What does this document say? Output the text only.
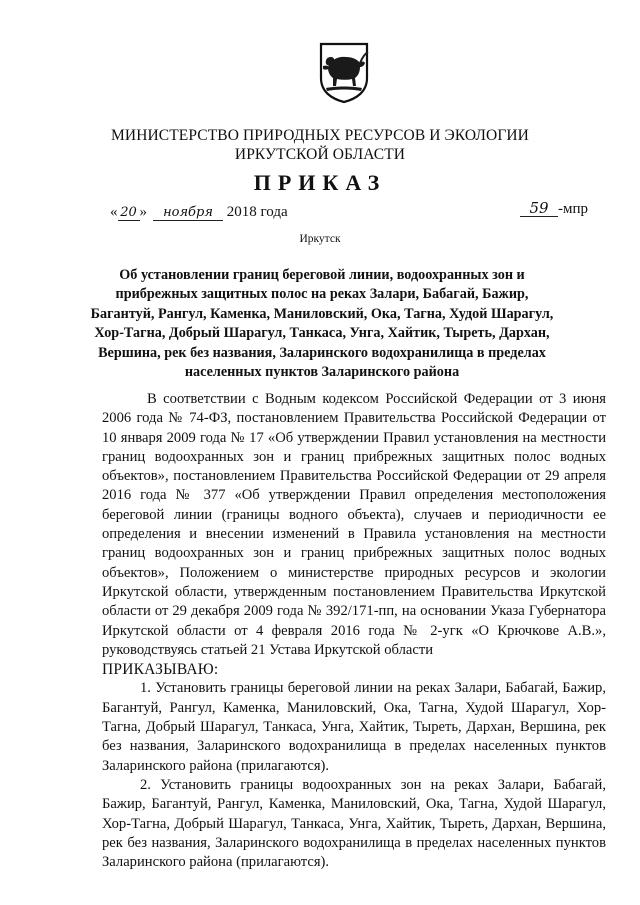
МИНИСТЕРСТВО ПРИРОДНЫХ РЕСУРСОВ И ЭКОЛОГИИ
ИРКУТСКОЙ ОБЛАСТИ
ПРИКАЗ
« 20 » ноября 2018 года	59 -мпр
Иркутск
Об установлении границ береговой линии, водоохранных зон и
прибрежных защитных полос на реках Залари, Бабагай, Бажир,
Багантуй, Рангул, Каменка, Маниловский, Ока, Тагна, Худой Шарагул,
Хор-Тагна, Добрый Шарагул, Танкаса, Унга, Хайтик, Тыреть, Дархан,
Вершина, рек без названия, Заларинского водохранилища в пределах
населенных пунктов Заларинского района

В соответствии с Водным кодексом Российской Федерации от 3 июня 2006 года № 74-ФЗ, постановлением Правительства Российской Федерации от 10 января 2009 года № 17 «Об утверждении Правил установления на местности границ водоохранных зон и границ прибрежных защитных полос водных объектов», постановлением Правительства Российской Федерации от 29 апреля 2016 года № 377 «Об утверждении Правил определения местоположения береговой линии (границы водного объекта), случаев и периодичности ее определения и внесении изменений в Правила установления на местности границ водоохранных зон и границ прибрежных защитных полос водных объектов», Положением о министерстве природных ресурсов и экологии Иркутской области, утвержденным постановлением Правительства Иркутской области от 29 декабря 2009 года № 392/171-пп, на основании Указа Губернатора Иркутской области от 4 февраля 2016 года № 2-угк «О Крючкове А.В.», руководствуясь статьей 21 Устава Иркутской области

ПРИКАЗЫВАЮ:

1. Установить границы береговой линии на реках Залари, Бабагай, Бажир, Багантуй, Рангул, Каменка, Маниловский, Ока, Тагна, Худой Шарагул, Хор-Тагна, Добрый Шарагул, Танкаса, Унга, Хайтик, Тыреть, Дархан, Вершина, рек без названия, Заларинского водохранилища в пределах населенных пунктов Заларинского района (прилагаются).

2. Установить границы водоохранных зон на реках Залари, Бабагай, Бажир, Багантуй, Рангул, Каменка, Маниловский, Ока, Тагна, Худой Шарагул, Хор-Тагна, Добрый Шарагул, Танкаса, Унга, Хайтик, Тыреть, Дархан, Вершина, рек без названия, Заларинского водохранилища в пределах населенных пунктов Заларинского района (прилагаются).
